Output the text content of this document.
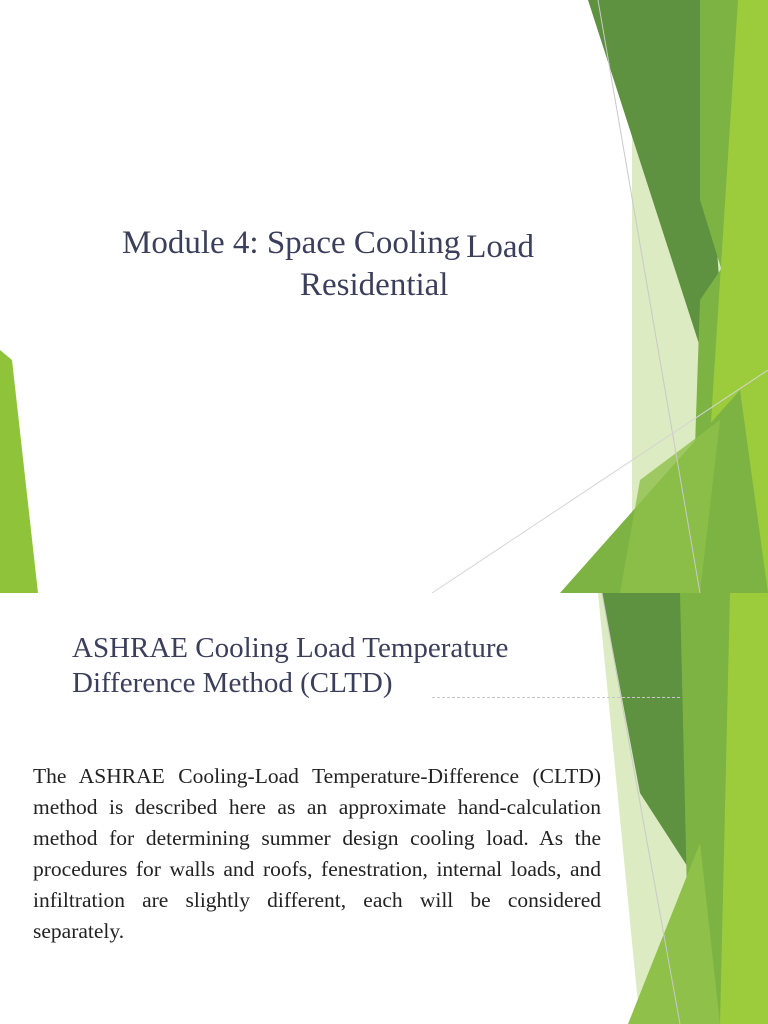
Module 4: Space Cooling Load
Residential
ASHRAE Cooling Load Temperature Difference Method (CLTD)

The ASHRAE Cooling-Load Temperature-Difference (CLTD) method is described here as an approximate hand-calculation method for determining summer design cooling load. As the procedures for walls and roofs, fenestration, internal loads, and infiltration are slightly different, each will be considered separately.
